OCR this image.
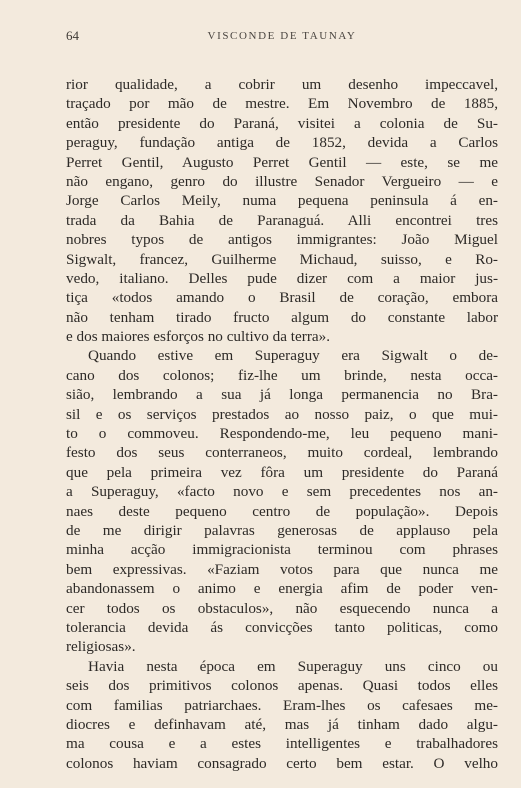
64	VISCONDE DE TAUNAY
rior qualidade, a cobrir um desenho impeccavel,
traçado por mão de mestre. Em Novembro de 1885,
então presidente do Paraná, visitei a colonia de Su-
peraguy, fundação antiga de 1852, devida a Carlos
Perret Gentil, Augusto Perret Gentil — este, se me
não engano, genro do illustre Senador Vergueiro — e
Jorge Carlos Meily, numa pequena peninsula á en-
trada da Bahia de Paranaguá. Alli encontrei tres
nobres typos de antigos immigrantes: João Miguel
Sigwalt, francez, Guilherme Michaud, suisso, e Ro-
vedo, italiano. Delles pude dizer com a maior jus-
tiça «todos amando o Brasil de coração, embora
não tenham tirado fructo algum do constante labor
e dos maiores esforços no cultivo da terra».
Quando estive em Superaguy era Sigwalt o de-
cano dos colonos; fiz-lhe um brinde, nesta occa-
sião, lembrando a sua já longa permanencia no Bra-
sil e os serviços prestados ao nosso paiz, o que mui-
to o commoveu. Respondendo-me, leu pequeno mani-
festo dos seus conterraneos, muito cordeal, lembrando
que pela primeira vez fôra um presidente do Paraná
a Superaguy, «facto novo e sem precedentes nos an-
naes deste pequeno centro de população». Depois
de me dirigir palavras generosas de applauso pela
minha acção immigracionista terminou com phrases
bem expressivas. «Faziam votos para que nunca me
abandonassem o animo e energia afim de poder ven-
cer todos os obstaculos», não esquecendo nunca a
tolerancia devida ás convicções tanto politicas, como
religiosas».
Havia nesta época em Superaguy uns cinco ou
seis dos primitivos colonos apenas. Quasi todos elles
com familias patriarchaes. Eram-lhes os cafesaes me-
diocres e definhavam até, mas já tinham dado algu-
ma cousa e a estes intelligentes e trabalhadores
colonos haviam consagrado certo bem estar. O velho
